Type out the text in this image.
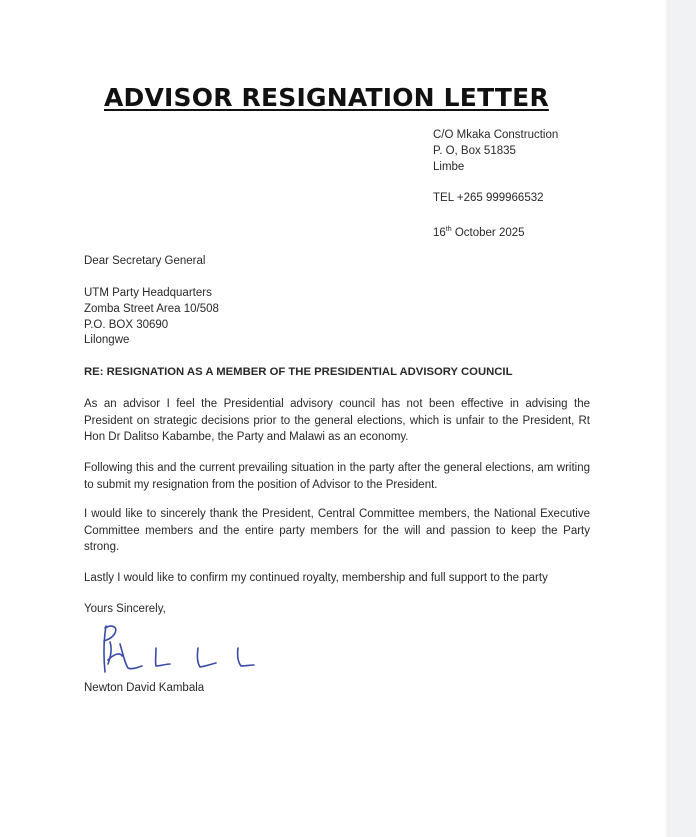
ADVISOR RESIGNATION LETTER
C/O Mkaka Construction
P. O, Box 51835
Limbe
TEL +265 999966532
16th October 2025
Dear Secretary General
UTM Party Headquarters
Zomba Street Area 10/508
P.O. BOX 30690
Lilongwe
RE: RESIGNATION AS A MEMBER OF THE PRESIDENTIAL ADVISORY COUNCIL
As an advisor I feel the Presidential advisory council has not been effective in advising the President on strategic decisions prior to the general elections, which is unfair to the President, Rt Hon Dr Dalitso Kabambe, the Party and Malawi as an economy.
Following this and the current prevailing situation in the party after the general elections, am writing to submit my resignation from the position of Advisor to the President.
I would like to sincerely thank the President, Central Committee members, the National Executive Committee members and the entire party members for the will and passion to keep the Party strong.
Lastly I would like to confirm my continued royalty, membership and full support to the party
Yours Sincerely,
Newton David Kambala
